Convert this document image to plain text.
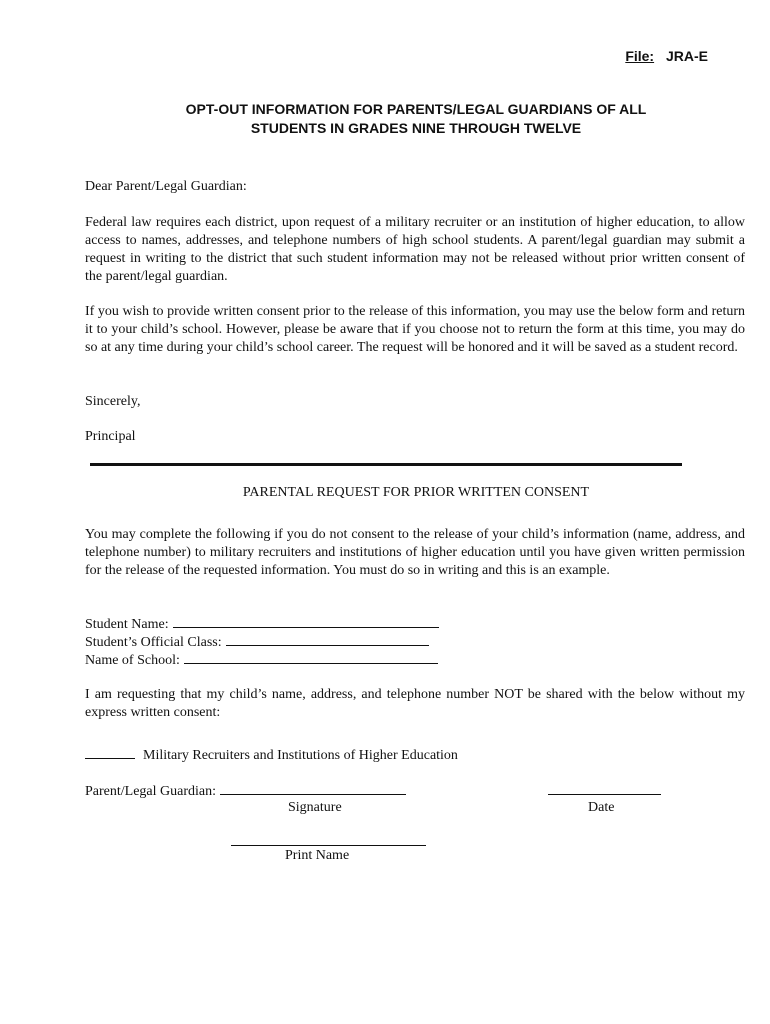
File: JRA-E
OPT-OUT INFORMATION FOR PARENTS/LEGAL GUARDIANS OF ALL
STUDENTS IN GRADES NINE THROUGH TWELVE
Dear Parent/Legal Guardian:
Federal law requires each district, upon request of a military recruiter or an institution of higher education, to allow access to names, addresses, and telephone numbers of high school students. A parent/legal guardian may submit a request in writing to the district that such student information may not be released without prior written consent of the parent/legal guardian.
If you wish to provide written consent prior to the release of this information, you may use the below form and return it to your child’s school. However, please be aware that if you choose not to return the form at this time, you may do so at any time during your child’s school career. The request will be honored and it will be saved as a student record.
Sincerely,
Principal
PARENTAL REQUEST FOR PRIOR WRITTEN CONSENT
You may complete the following if you do not consent to the release of your child’s information (name, address, and telephone number) to military recruiters and institutions of higher education until you have given written permission for the release of the requested information. You must do so in writing and this is an example.
Student Name:
Student’s Official Class:
Name of School:
I am requesting that my child’s name, address, and telephone number NOT be shared with the below without my express written consent:
Military Recruiters and Institutions of Higher Education
Parent/Legal Guardian:
Signature	Date
Print Name
